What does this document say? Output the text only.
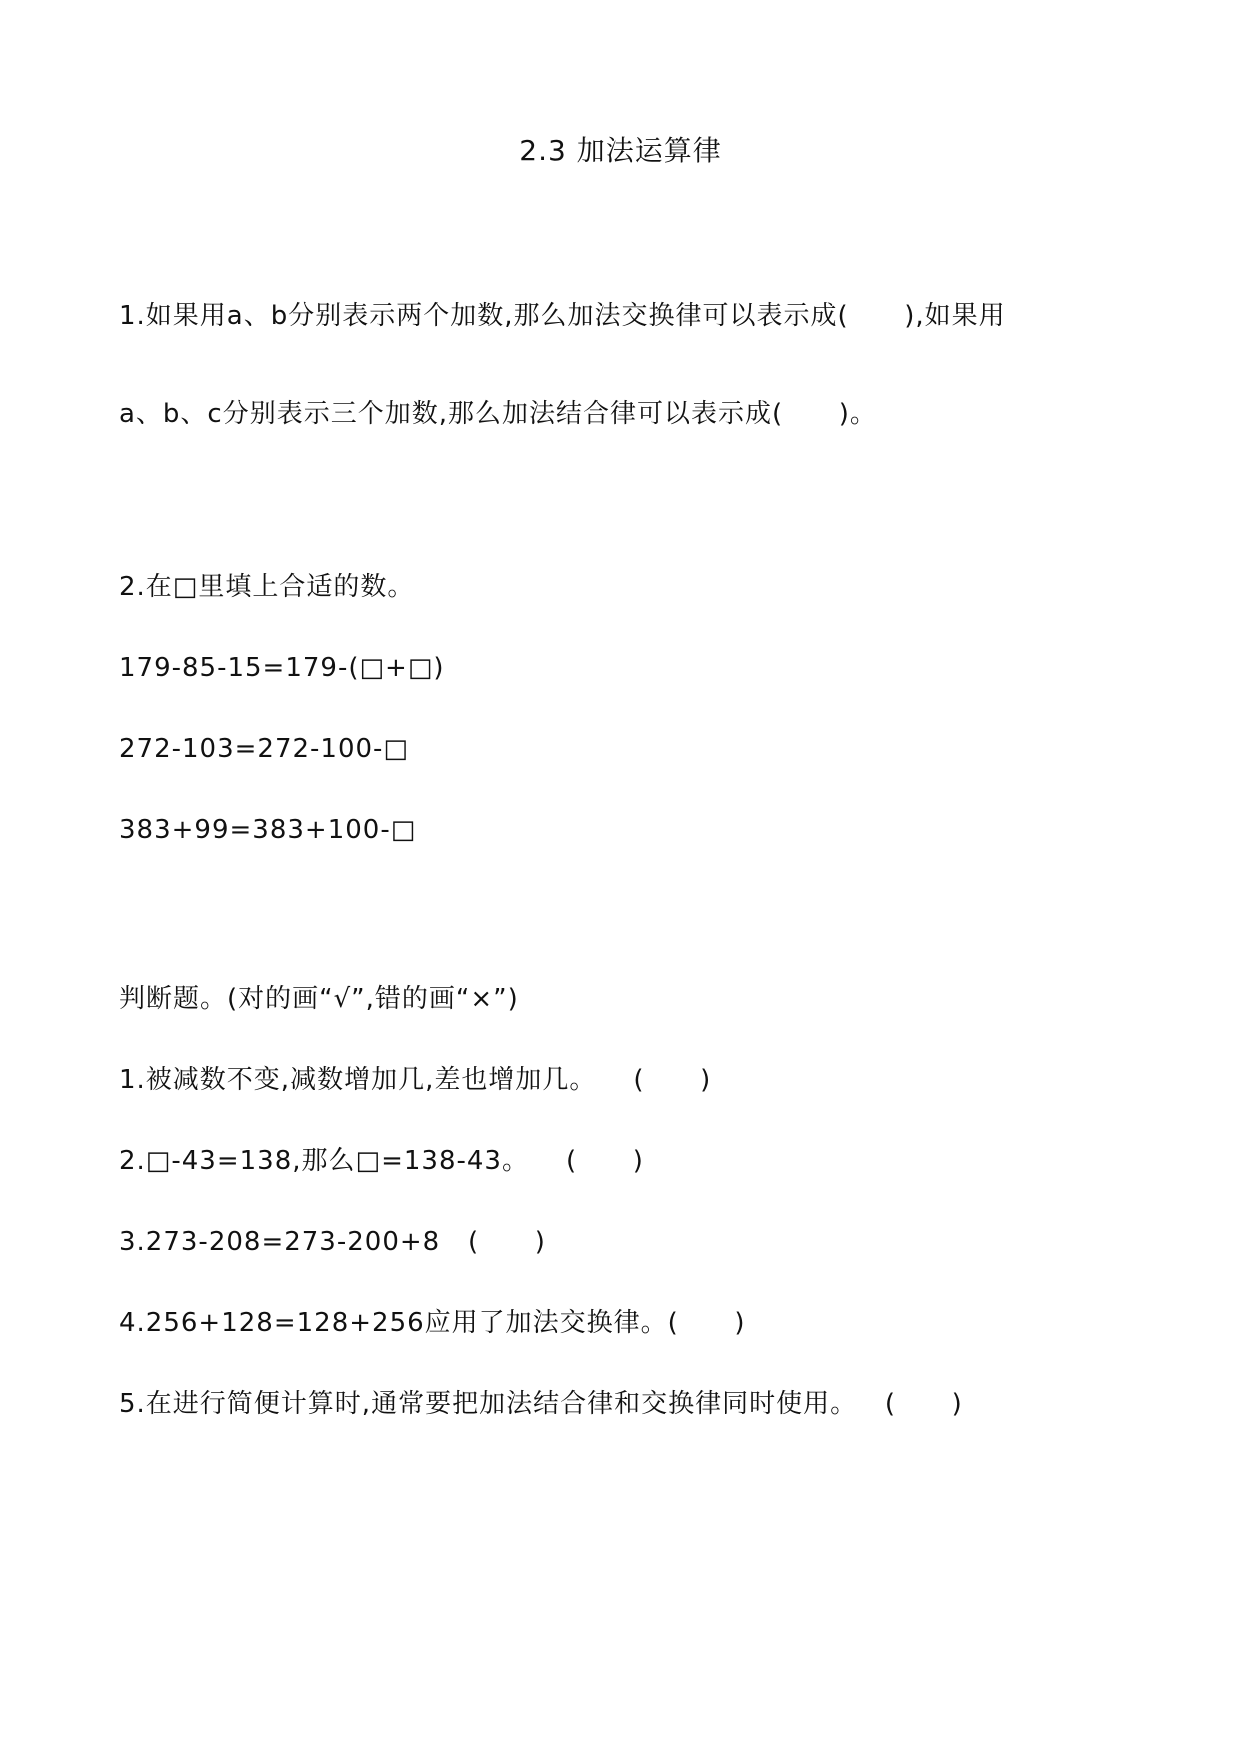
2.3 加法运算律
1.如果用a、b分别表示两个加数,那么加法交换律可以表示成(      ),如果用
a、b、c分别表示三个加数,那么加法结合律可以表示成(      )。
2.在□里填上合适的数。
179-85-15=179-(□+□)
272-103=272-100-□
383+99=383+100-□
判断题。(对的画“√”,错的画“×”)
1.被减数不变,减数增加几,差也增加几。    (      )
2.□-43=138,那么□=138-43。    (      )
3.273-208=273-200+8   (      )
4.256+128=128+256应用了加法交换律。(      )
5.在进行简便计算时,通常要把加法结合律和交换律同时使用。   (      )
